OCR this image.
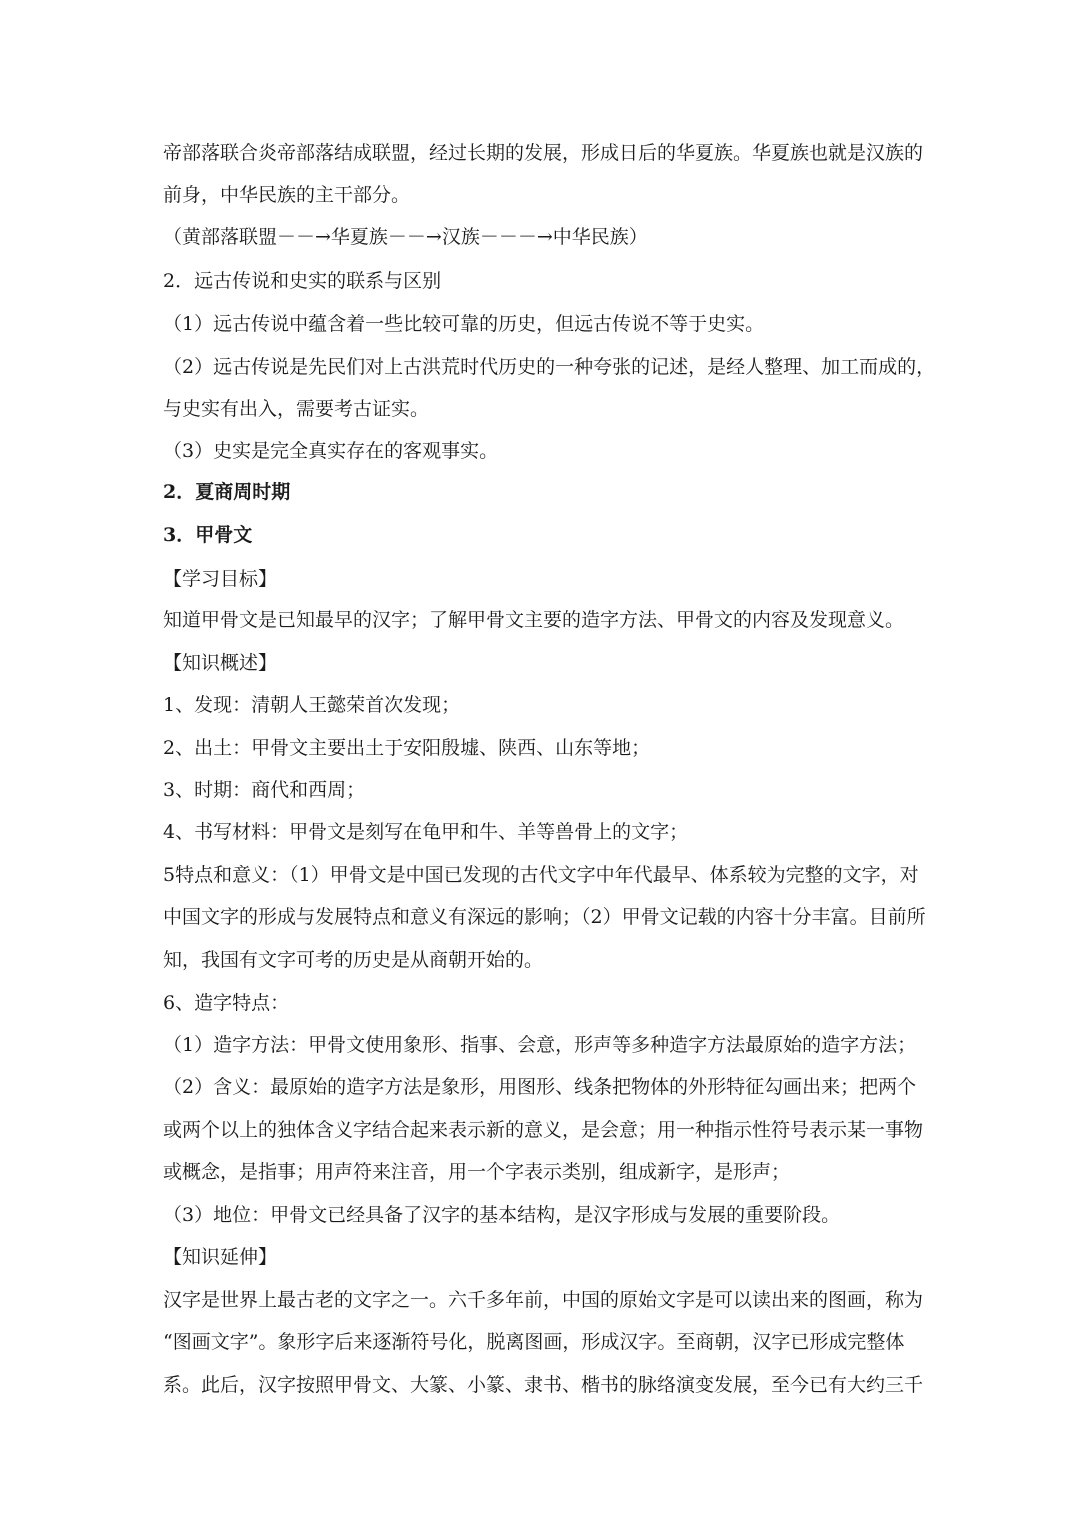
帝部落联合炎帝部落结成联盟，经过长期的发展，形成日后的华夏族。华夏族也就是汉族的
前身，中华民族的主干部分。
（黄部落联盟－－→华夏族－－→汉族－－－→中华民族）
2．远古传说和史实的联系与区别
（1）远古传说中蕴含着一些比较可靠的历史，但远古传说不等于史实。
（2）远古传说是先民们对上古洪荒时代历史的一种夸张的记述，是经人整理、加工而成的，
与史实有出入，需要考古证实。
（3）史实是完全真实存在的客观事实。
2．夏商周时期
3．甲骨文
【学习目标】
知道甲骨文是已知最早的汉字；了解甲骨文主要的造字方法、甲骨文的内容及发现意义。
【知识概述】
1、发现：清朝人王懿荣首次发现；
2、出土：甲骨文主要出土于安阳殷墟、陕西、山东等地；
3、时期：商代和西周；
4、书写材料：甲骨文是刻写在龟甲和牛、羊等兽骨上的文字；
5特点和意义：（1）甲骨文是中国已发现的古代文字中年代最早、体系较为完整的文字，对
中国文字的形成与发展特点和意义有深远的影响；（2）甲骨文记载的内容十分丰富。目前所
知，我国有文字可考的历史是从商朝开始的。
6、造字特点：
（1）造字方法：甲骨文使用象形、指事、会意，形声等多种造字方法最原始的造字方法；
（2）含义：最原始的造字方法是象形，用图形、线条把物体的外形特征勾画出来；把两个
或两个以上的独体含义字结合起来表示新的意义，是会意；用一种指示性符号表示某一事物
或概念，是指事；用声符来注音，用一个字表示类别，组成新字，是形声；
（3）地位：甲骨文已经具备了汉字的基本结构，是汉字形成与发展的重要阶段。
【知识延伸】
汉字是世界上最古老的文字之一。六千多年前，中国的原始文字是可以读出来的图画，称为
“图画文字”。象形字后来逐渐符号化，脱离图画，形成汉字。至商朝，汉字已形成完整体
系。此后，汉字按照甲骨文、大篆、小篆、隶书、楷书的脉络演变发展，至今已有大约三千
